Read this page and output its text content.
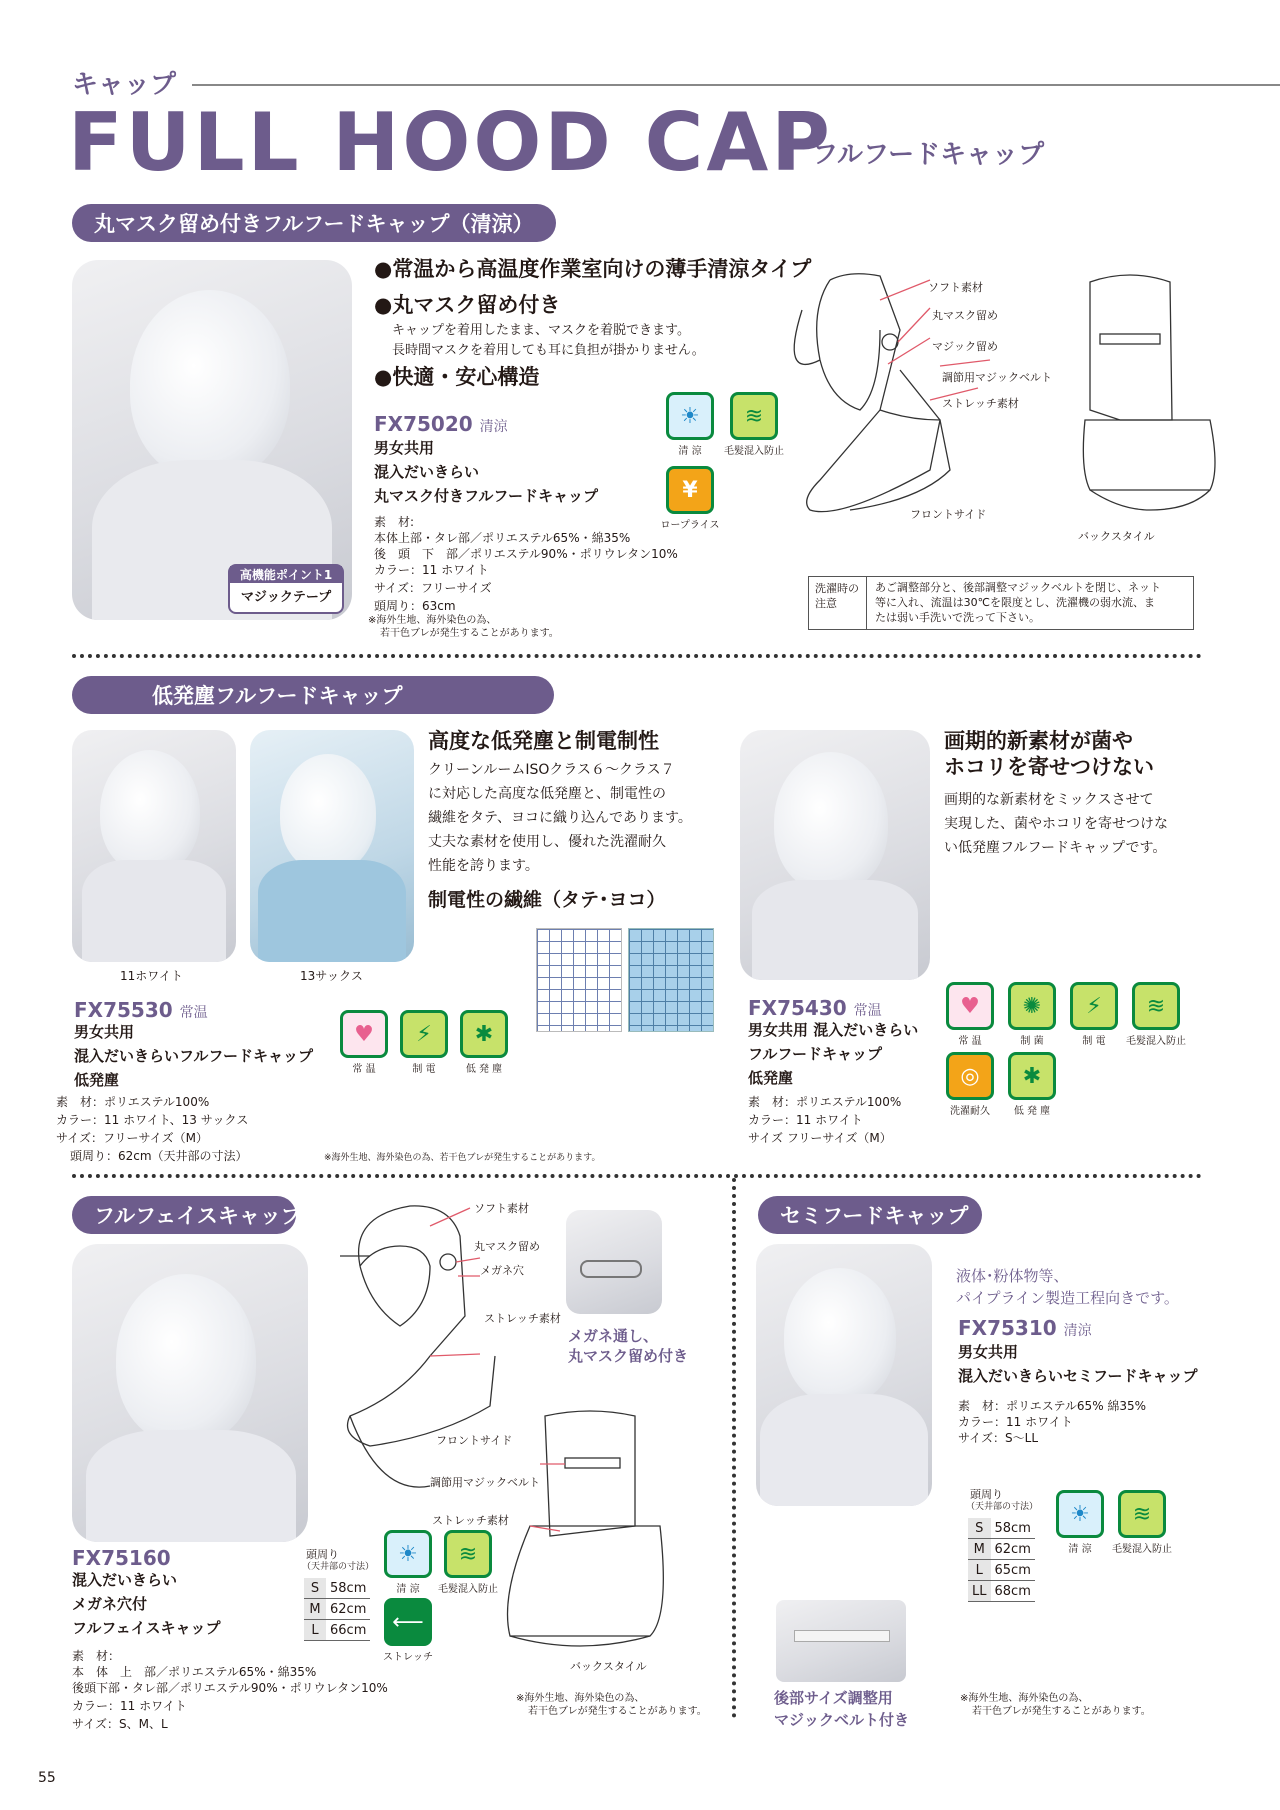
キャップ
FULL HOOD CAP
フルフードキャップ
丸マスク留め付きフルフードキャップ（清涼）
高機能ポイント1
マジックテープ
●常温から高温度作業室向けの薄手清涼タイプ
●丸マスク留め付き
キャップを着用したまま、マスクを着脱できます。
長時間マスクを着用しても耳に負担が掛かりません。
●快適・安心構造
FX75020 清涼
男女共用
混入だいきらい
丸マスク付きフルフードキャップ
素　材:
本体上部・タレ部／ポリエステル65%・綿35%
後　頭　下　部／ポリエステル90%・ポリウレタン10%
カラー：11 ホワイト
サイズ：フリーサイズ
頭周り：63cm
※海外生地、海外染色の為、
若干色ブレが発生することがあります。
☀
清 涼
≋
毛髪混入防止
¥
ロープライス
ソフト素材
丸マスク留め
マジック留め
調節用マジックベルト
ストレッチ素材
フロントサイド
バックスタイル
洗濯時の
注意
あご調整部分と、後部調整マジックベルトを閉じ、ネット
等に入れ、流温は30℃を限度とし、洗濯機の弱水流、ま
たは弱い手洗いで洗って下さい。
低発塵フルフードキャップ
11ホワイト	13サックス
高度な低発塵と制電制性
クリーンルームISOクラス６～クラス７
に対応した高度な低発塵と、制電性の
繊維をタテ、ヨコに織り込んであります。
丈夫な素材を使用し、優れた洗濯耐久
性能を誇ります。
制電性の繊維（タテ･ヨコ）
FX75530 常温
男女共用
混入だいきらいフルフードキャップ
低発塵
素　材：ポリエステル100%
カラー：11 ホワイト、13 サックス
サイズ：フリーサイズ（M）
頭周り：62cm（天井部の寸法）	※海外生地、海外染色の為、若干色ブレが発生することがあります。
♥
常 温
⚡
制 電
✱
低 発 塵
画期的新素材が菌や
ホコリを寄せつけない
画期的な新素材をミックスさせて
実現した、菌やホコリを寄せつけな
い低発塵フルフードキャップです。
FX75430 常温
男女共用 混入だいきらい
フルフードキャップ
低発塵
素　材：ポリエステル100%
カラー：11 ホワイト
サイズ フリーサイズ（M）
♥
常 温
✺
制 菌
⚡
制 電
≋
毛髪混入防止
◎
洗濯耐久
✱
低 発 塵
フルフェイスキャップ	ソフト素材
丸マスク留め
メガネ穴
ストレッチ素材
フロントサイド
調節用マジックベルト
ストレッチ素材
バックスタイル
メガネ通し、
丸マスク留め付き
FX75160
混入だいきらい
メガネ穴付
フルフェイスキャップ
素　材：
本　体　上　部／ポリエステル65%・綿35%
後頭下部・タレ部／ポリエステル90%・ポリウレタン10%
カラー：11 ホワイト
サイズ：S、M、L
頭周り
（天井部の寸法）
S	58cm
M	62cm
L	66cm
☀
清 涼
≋
毛髪混入防止
⟵
ストレッチ
※海外生地、海外染色の為、
若干色ブレが発生することがあります。
セミフードキャップ
液体･粉体物等、
パイプライン製造工程向きです。
FX75310 清涼
男女共用
混入だいきらいセミフードキャップ
素　材：ポリエステル65% 綿35%
カラー：11 ホワイト
サイズ：S～LL
頭周り
（天井部の寸法）
S	58cm
M	62cm
L	65cm
LL	68cm
☀
清 涼
≋
毛髪混入防止
後部サイズ調整用
マジックベルト付き
※海外生地、海外染色の為、
若干色ブレが発生することがあります。
55
